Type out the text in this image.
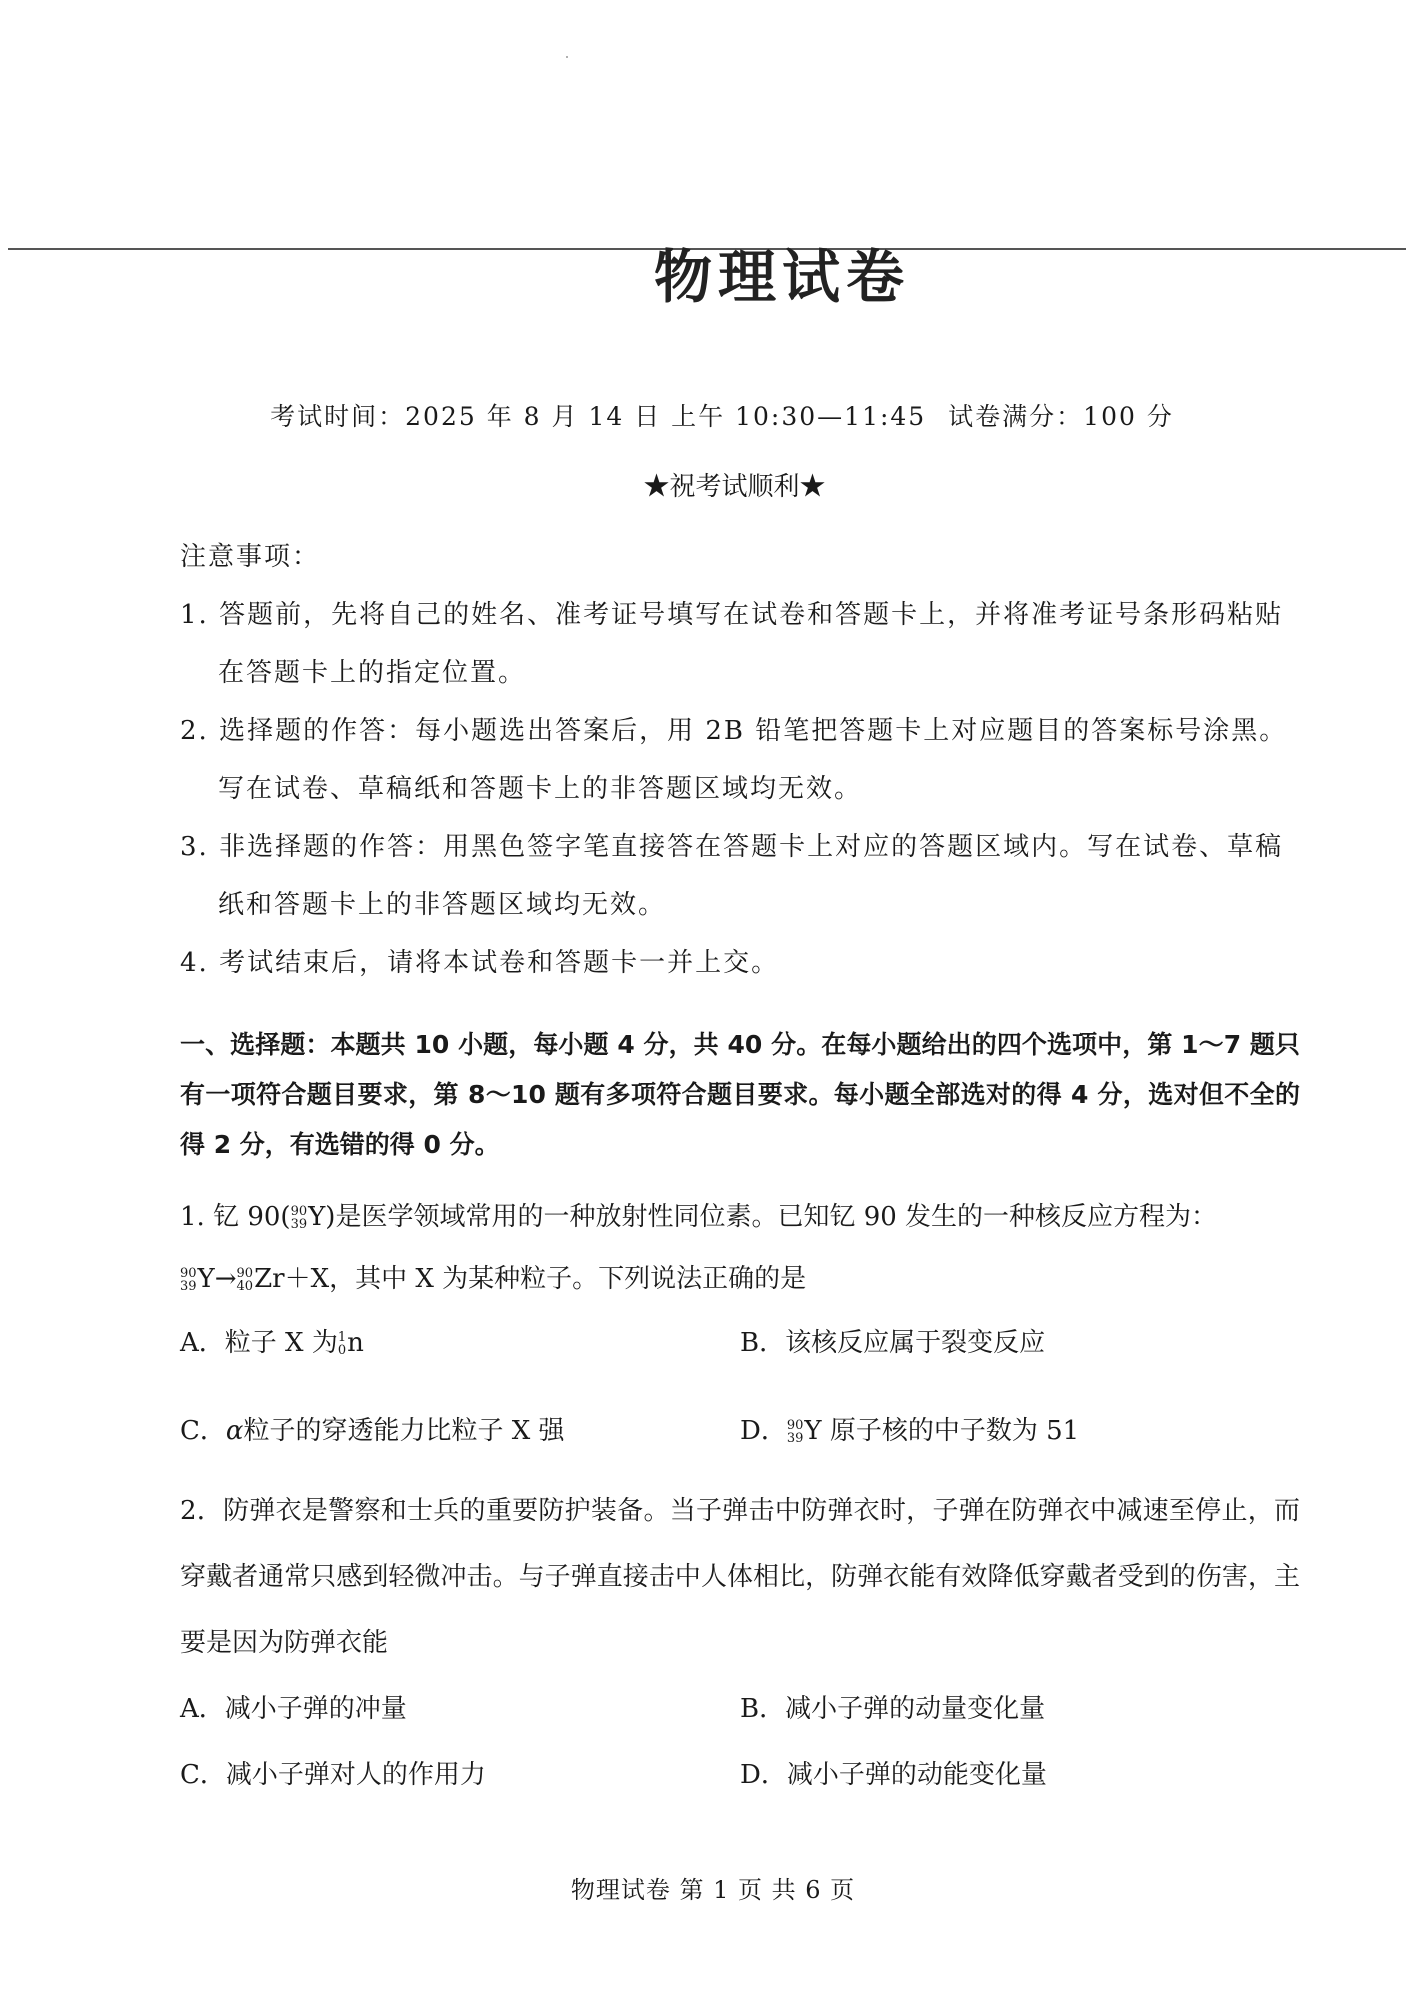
物理试卷
考试时间：2025 年 8 月 14 日 上午 10:30—11:45 试卷满分：100 分
★祝考试顺利★

注意事项：

1. 答题前，先将自己的姓名、准考证号填写在试卷和答题卡上，并将准考证号条形码粘贴在答题卡上的指定位置。

2. 选择题的作答：每小题选出答案后，用 2B 铅笔把答题卡上对应题目的答案标号涂黑。写在试卷、草稿纸和答题卡上的非答题区域均无效。

3. 非选择题的作答：用黑色签字笔直接答在答题卡上对应的答题区域内。写在试卷、草稿纸和答题卡上的非答题区域均无效。

4. 考试结束后，请将本试卷和答题卡一并上交。

一、选择题：本题共 10 小题，每小题 4 分，共 40 分。在每小题给出的四个选项中，第 1～7 题只有一项符合题目要求，第 8～10 题有多项符合题目要求。每小题全部选对的得 4 分，选对但不全的得 2 分，有选错的得 0 分。
1. 钇 90( 90
39 Y)是医学领域常用的一种放射性同位素。已知钇 90 发生的一种核反应方程为：

90
39 Y→ 90
40 Zr＋X，其中 X 为某种粒子。下列说法正确的是
A．粒子 X 为 1
0 n	B．该核反应属于裂变反应
C．α粒子的穿透能力比粒子 X 强	D． 90
39 Y 原子核的中子数为 51
2．防弹衣是警察和士兵的重要防护装备。当子弹击中防弹衣时，子弹在防弹衣中减速至停止，而穿戴者通常只感到轻微冲击。与子弹直接击中人体相比，防弹衣能有效降低穿戴者受到的伤害，主要是因为防弹衣能
A．减小子弹的冲量	B．减小子弹的动量变化量
C．减小子弹对人的作用力	D．减小子弹的动能变化量
物理试卷 第 1 页 共 6 页
